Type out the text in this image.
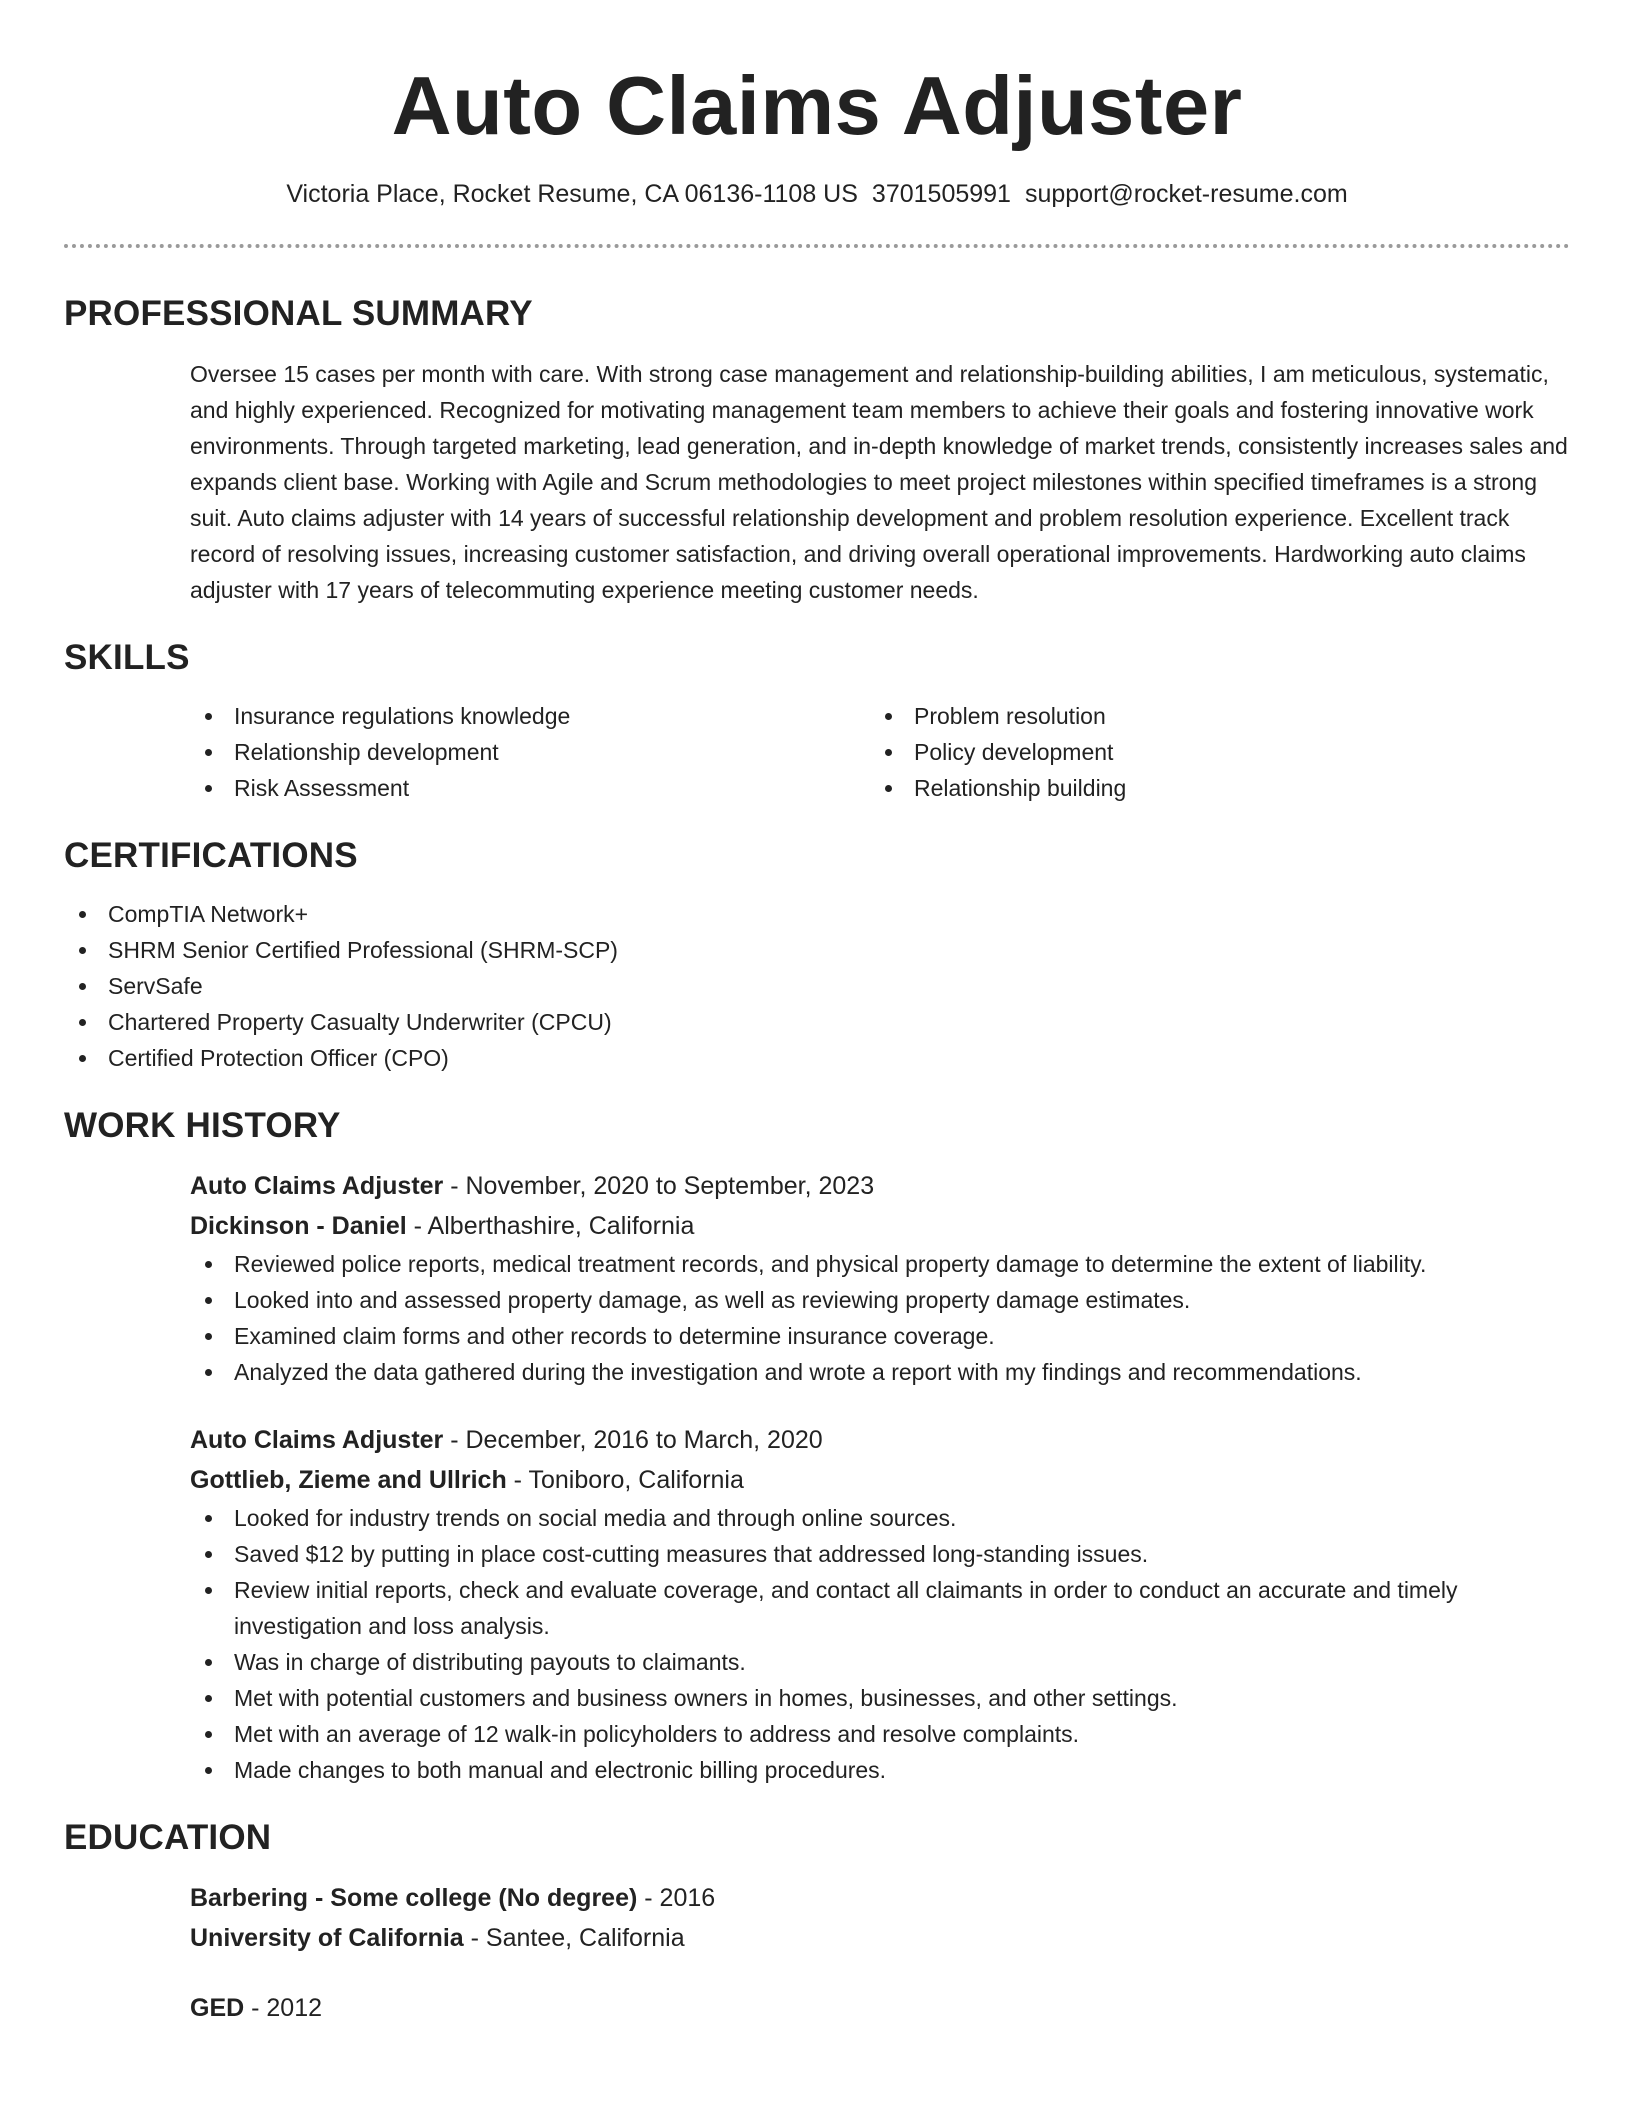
Auto Claims Adjuster
Victoria Place, Rocket Resume, CA 06136-1108 US 3701505991 support@rocket-resume.com
PROFESSIONAL SUMMARY
Oversee 15 cases per month with care. With strong case management and relationship-building abilities, I am meticulous, systematic, and highly experienced. Recognized for motivating management team members to achieve their goals and fostering innovative work environments. Through targeted marketing, lead generation, and in-depth knowledge of market trends, consistently increases sales and expands client base. Working with Agile and Scrum methodologies to meet project milestones within specified timeframes is a strong suit. Auto claims adjuster with 14 years of successful relationship development and problem resolution experience. Excellent track record of resolving issues, increasing customer satisfaction, and driving overall operational improvements. Hardworking auto claims adjuster with 17 years of telecommuting experience meeting customer needs.
SKILLS
Insurance regulations knowledge
Relationship development
Risk Assessment
Problem resolution
Policy development
Relationship building
CERTIFICATIONS
CompTIA Network+
SHRM Senior Certified Professional (SHRM-SCP)
ServSafe
Chartered Property Casualty Underwriter (CPCU)
Certified Protection Officer (CPO)
WORK HISTORY
Auto Claims Adjuster - November, 2020 to September, 2023
Dickinson - Daniel - Alberthashire, California
Reviewed police reports, medical treatment records, and physical property damage to determine the extent of liability.
Looked into and assessed property damage, as well as reviewing property damage estimates.
Examined claim forms and other records to determine insurance coverage.
Analyzed the data gathered during the investigation and wrote a report with my findings and recommendations.
Auto Claims Adjuster - December, 2016 to March, 2020
Gottlieb, Zieme and Ullrich - Toniboro, California
Looked for industry trends on social media and through online sources.
Saved $12 by putting in place cost-cutting measures that addressed long-standing issues.
Review initial reports, check and evaluate coverage, and contact all claimants in order to conduct an accurate and timely investigation and loss analysis.
Was in charge of distributing payouts to claimants.
Met with potential customers and business owners in homes, businesses, and other settings.
Met with an average of 12 walk-in policyholders to address and resolve complaints.
Made changes to both manual and electronic billing procedures.
EDUCATION
Barbering - Some college (No degree) - 2016
University of California - Santee, California
GED - 2012
